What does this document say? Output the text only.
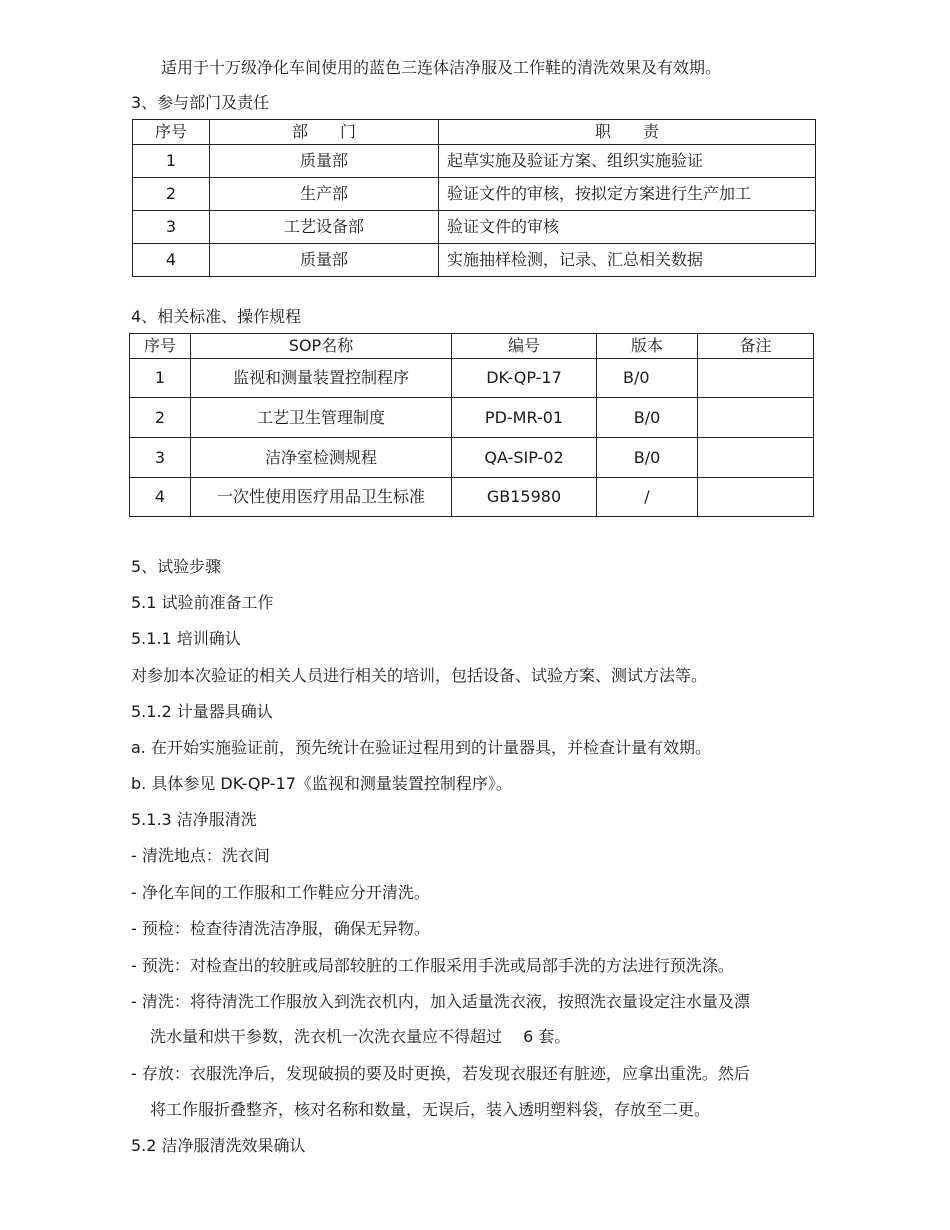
适用于十万级净化车间使用的蓝色三连体洁净服及工作鞋的清洗效果及有效期。
3、参与部门及责任
序号	部　　门	职　　责
1	质量部	起草实施及验证方案、组织实施验证
2	生产部	验证文件的审核，按拟定方案进行生产加工
3	工艺设备部	验证文件的审核
4	质量部	实施抽样检测，记录、汇总相关数据
4、相关标准、操作规程
序号	SOP名称	编号	版本	备注
1	监视和测量装置控制程序	DK-QP-17	B/0	
2	工艺卫生管理制度	PD-MR-01	B/0	
3	洁净室检测规程	QA-SIP-02	B/0	
4	一次性使用医疗用品卫生标准	GB15980	/	
5、试验步骤
5.1 试验前准备工作
5.1.1 培训确认
对参加本次验证的相关人员进行相关的培训，包括设备、试验方案、测试方法等。
5.1.2 计量器具确认
a. 在开始实施验证前，预先统计在验证过程用到的计量器具，并检查计量有效期。
b. 具体参见 DK-QP-17《监视和测量装置控制程序》。
5.1.3 洁净服清洗
- 清洗地点：洗衣间
- 净化车间的工作服和工作鞋应分开清洗。
- 预检：检查待清洗洁净服，确保无异物。
- 预洗：对检查出的较脏或局部较脏的工作服采用手洗或局部手洗的方法进行预洗涤。
- 清洗：将待清洗工作服放入到洗衣机内，加入适量洗衣液，按照洗衣量设定注水量及漂
洗水量和烘干参数，洗衣机一次洗衣量应不得超过　 6 套。
- 存放：衣服洗净后，发现破损的要及时更换，若发现衣服还有脏迹，应拿出重洗。然后
将工作服折叠整齐，核对名称和数量，无误后，装入透明塑料袋，存放至二更。
5.2 洁净服清洗效果确认
